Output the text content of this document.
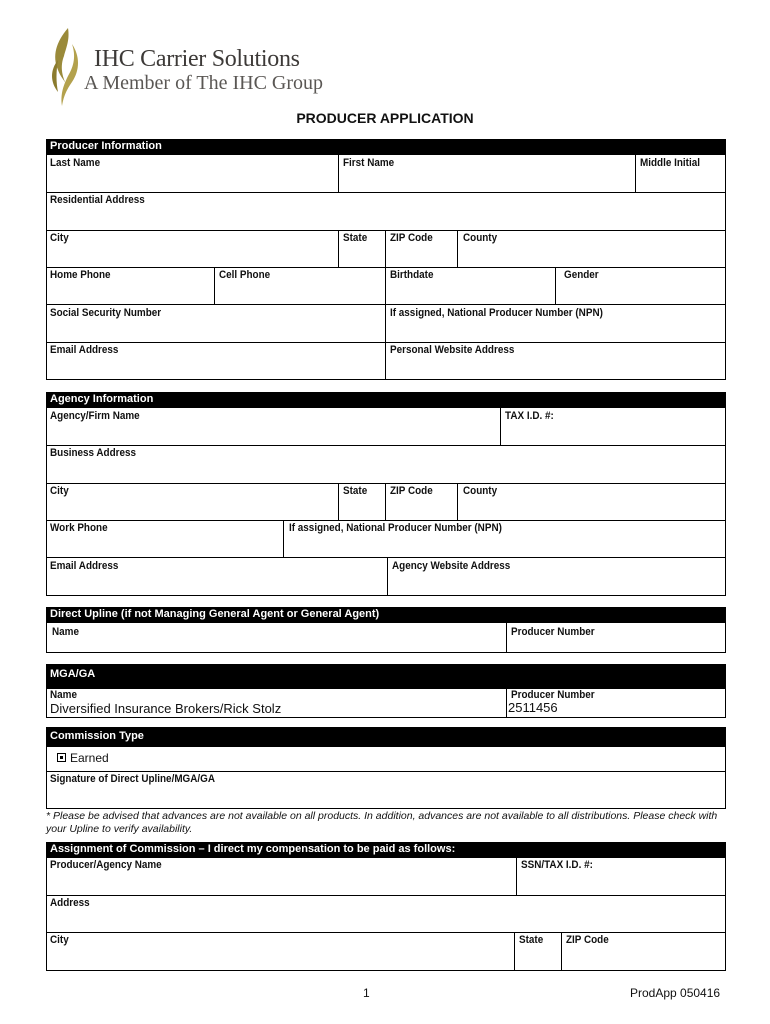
IHC Carrier Solutions
A Member of The IHC Group
PRODUCER APPLICATION
Producer Information
Last Name	First Name	Middle Initial
Residential Address
City	State ZIP Code	County
Home Phone	Cell Phone	Birthdate	Gender
Social Security Number	If assigned, National Producer Number (NPN)
Email Address	Personal Website Address
Agency Information
Agency/Firm Name	TAX I.D. #:
Business Address
City	State ZIP Code	County
Work Phone	If assigned, National Producer Number (NPN)
Email Address	Agency Website Address
Direct Upline (if not Managing General Agent or General Agent)
Name	Producer Number
MGA/GA
Name
Diversified Insurance Brokers/Rick Stolz
Producer Number
2511456
Commission Type
Earned
Signature of Direct Upline/MGA/GA
* Please be advised that advances are not available on all products. In addition, advances are not available to all distributions. Please check with your Upline to verify availability.
Assignment of Commission – I direct my compensation to be paid as follows:
Producer/Agency Name	SSN/TAX I.D. #:
Address
City	State ZIP Code
1	ProdApp 050416
